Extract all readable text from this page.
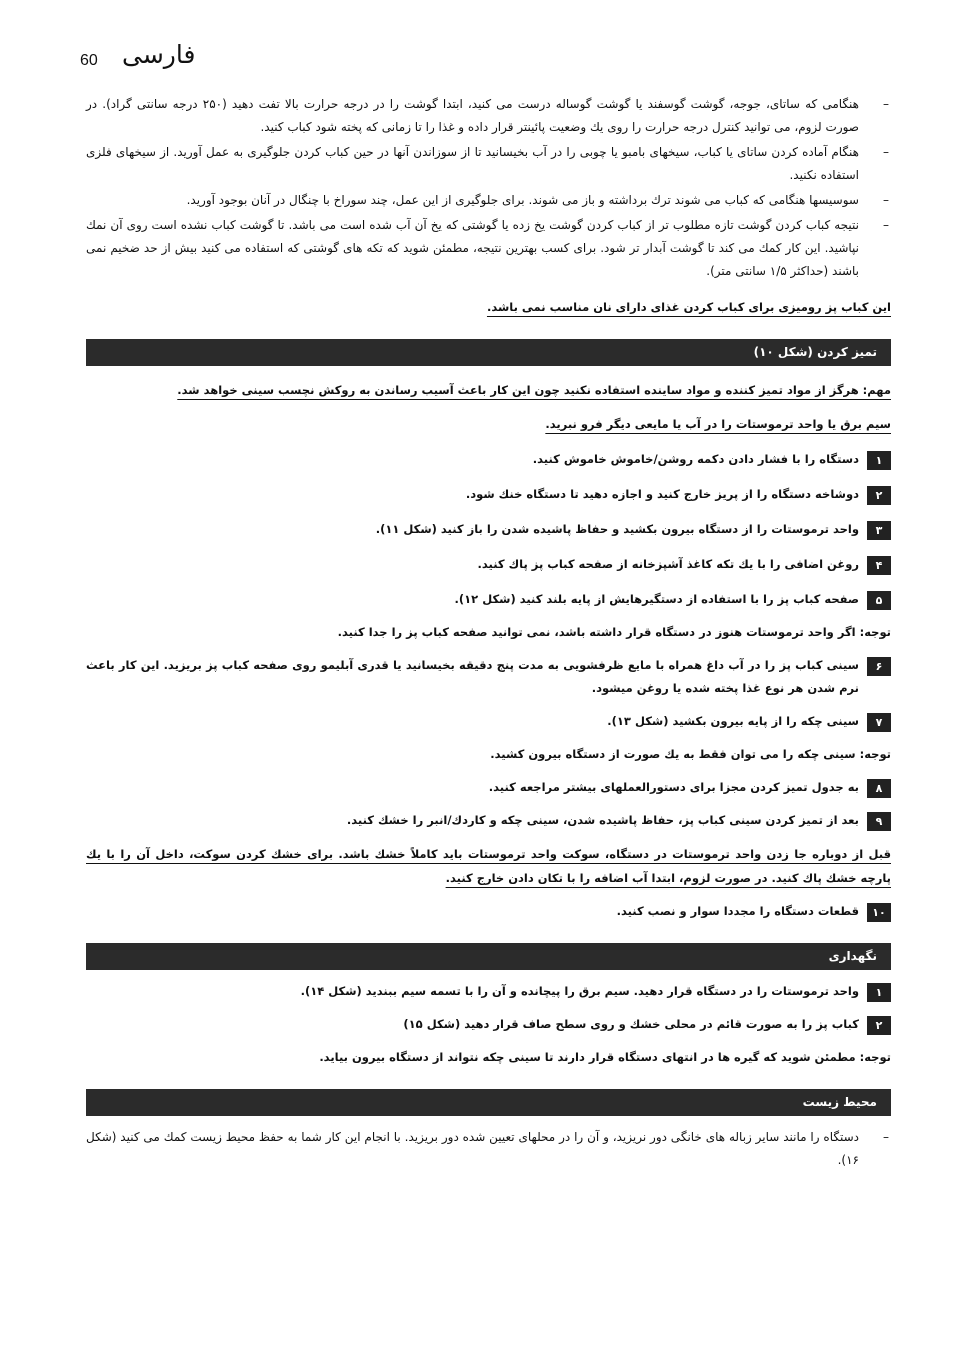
60 فارسی
–
هنگامی که ساتای، جوجه، گوشت گوسفند یا گوشت گوساله درست می کنید، ابتدا گوشت را در درجه حرارت بالا تفت دهید (۲۵۰ درجه سانتی گراد). در صورت لزوم، می توانید کنترل درجه حرارت را روی یك وضعیت پائینتر قرار داده و غذا را تا زمانی که پخته شود کباب کنید.
–
هنگام آماده کردن ساتای یا کباب، سیخهای بامبو یا چوبی را در آب بخیسانید تا از سوزاندن آنها در حین کباب کردن جلوگیری به عمل آورید. از سیخهای فلزی استفاده نکنید.
–
سوسیسها هنگامی که کباب می شوند ترك برداشته و باز می شوند. برای جلوگیری از این عمل، چند سوراخ با چنگال در آنان بوجود آورید.
–
نتیجه کباب کردن گوشت تازه مطلوب تر از کباب کردن گوشت یخ زده یا گوشتی که یخ آن آب شده است می باشد. تا گوشت کباب نشده است روی آن نمك نپاشید. این کار کمك می کند تا گوشت آبدار تر شود. برای کسب بهترین نتیجه، مطمئن شوید که تکه های گوشتی که استفاده می کنید بیش از حد ضخیم نمی باشند (حداکثر ۱/۵ سانتی متر).
این کباب پز رومیزی برای کباب کردن غذای دارای نان مناسب نمی باشد.
تمیز کردن (شکل ۱۰)
مهم: هرگز از مواد تمیز کننده و مواد ساینده استفاده نکنید چون این کار باعث آسیب رساندن به روکش نچسب سینی خواهد شد.
سیم برق یا واحد ترموستات را در آب یا مایعی دیگر فرو نبرید.
۱
دستگاه را با فشار دادن دکمه روشن/خاموش خاموش کنید.
۲
دوشاخه دستگاه را از پریز خارج کنید و اجازه دهید تا دستگاه خنك شود.
۳
واحد ترموستات را از دستگاه بیرون بکشید و حفاظ پاشیده شدن را باز کنید (شکل ۱۱).
۴
روغن اضافی را با یك تکه کاغذ آشپزخانه از صفحه کباب پز پاك کنید.
۵
صفحه کباب پز را با استفاده از دستگیرهایش از پایه بلند کنید (شکل ۱۲).
توجه: اگر واحد ترموستات هنوز در دستگاه قرار داشته باشد، نمی توانید صفحه کباب پز را جدا کنید.
۶
سینی کباب پز را در آب داغ همراه با مایع ظرفشویی به مدت پنج دقیقه بخیسانید یا قدری آبلیمو روی صفحه کباب پز بریزید. این کار باعث نرم شدن هر نوع غذا پخته شده یا روغن میشود.
۷
سینی چکه را از پایه بیرون بکشید (شکل ۱۳).
توجه: سینی چکه را می توان فقط به یك صورت از دستگاه بیرون کشید.
۸
به جدول تمیز کردن مجزا برای دستورالعملهای بیشتر مراجعه کنید.
۹
بعد از تمیز کردن سینی کباب پز، حفاظ پاشیده شدن، سینی چکه و کاردك/انبر را خشك کنید.
قبل از دوباره جا زدن واحد ترموستات در دستگاه، سوکت واحد ترموستات باید کاملاً خشك باشد. برای خشك کردن سوکت، داخل آن را با یك پارچه خشك پاك کنید. در صورت لزوم، ابتدا آب اضافه را با تکان دادن خارج کنید.
۱۰
قطعات دستگاه را مجددا سوار و نصب کنید.
نگهداری
۱
واحد ترموستات را در دستگاه قرار دهید. سیم برق را پیچانده و آن را با تسمه سیم ببندید (شکل ۱۴).
۲
کباب پز را به صورت قائم در محلی خشك و روی سطح صاف قرار دهید (شکل ۱۵)
توجه: مطمئن شوید که گیره ها در انتهای دستگاه قرار دارند تا سینی چکه نتواند از دستگاه بیرون بیاید.
محیط زیست
–
دستگاه را مانند سایر زباله های خانگی دور نریزید، و آن را در محلهای تعیین شده دور بریزید. با انجام این کار شما به حفظ محیط زیست کمك می کنید (شکل ۱۶).
